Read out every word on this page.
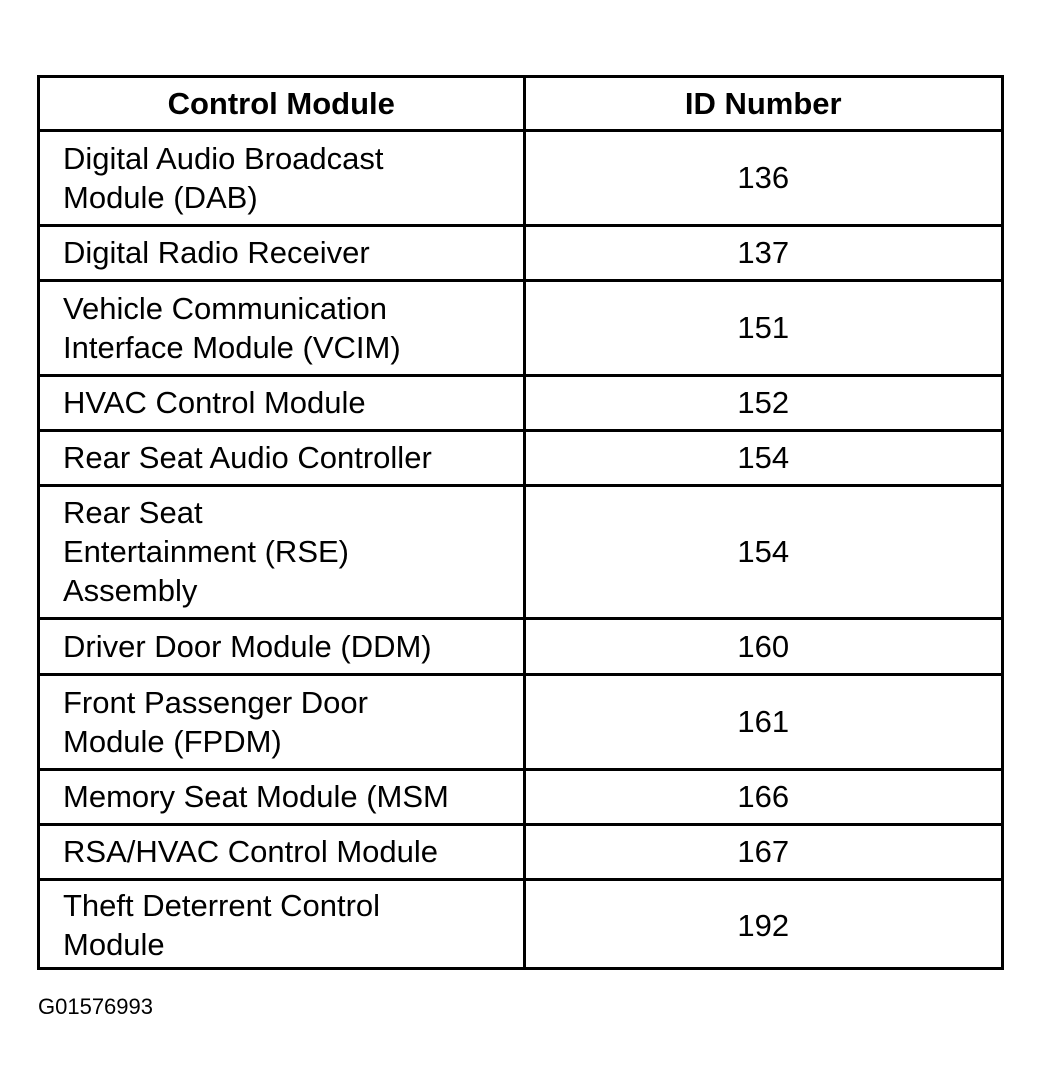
Control Module	ID Number
Digital Audio Broadcast
Module (DAB)	136
Digital Radio Receiver	137
Vehicle Communication
Interface Module (VCIM)	151
HVAC Control Module	152
Rear Seat Audio Controller	154
Rear Seat
Entertainment (RSE)
Assembly	154
Driver Door Module (DDM)	160
Front Passenger Door
Module (FPDM)	161
Memory Seat Module (MSM	166
RSA/HVAC Control Module	167
Theft Deterrent Control
Module	192
G01576993
